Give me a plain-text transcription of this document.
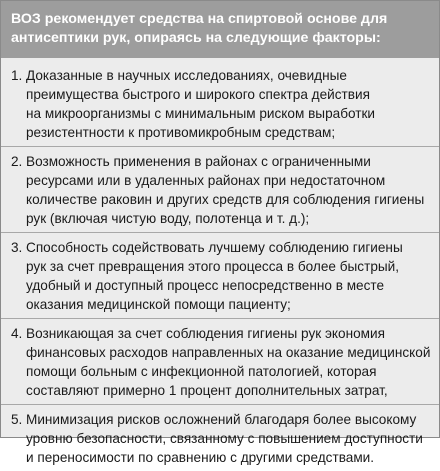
ВОЗ рекомендует средства на спиртовой основе для
антисептики рук, опираясь на следующие факторы:
1. Доказанные в научных исследованиях, очевидные
преимущества быстрого и широкого спектра действия
на микроорганизмы с минимальным риском выработки
резистентности к противомикробным средствам;
2. Возможность применения в районах с ограниченными
ресурсами или в удаленных районах при недостаточном
количестве раковин и других средств для соблюдения гигиены
рук (включая чистую воду, полотенца и т. д.);
3. Способность содействовать лучшему соблюдению гигиены
рук за счет превращения этого процесса в более быстрый,
удобный и доступный процесс непосредственно в месте
оказания медицинской помощи пациенту;
4. Возникающая за счет соблюдения гигиены рук экономия
финансовых расходов направленных на оказание медицинской
помощи больным с инфекционной патологией, которая
составляют примерно 1 процент дополнительных затрат,
5. Минимизация рисков осложнений благодаря более высокому
уровню безопасности, связанному с повышением доступности
и переносимости по сравнению с другими средствами.
